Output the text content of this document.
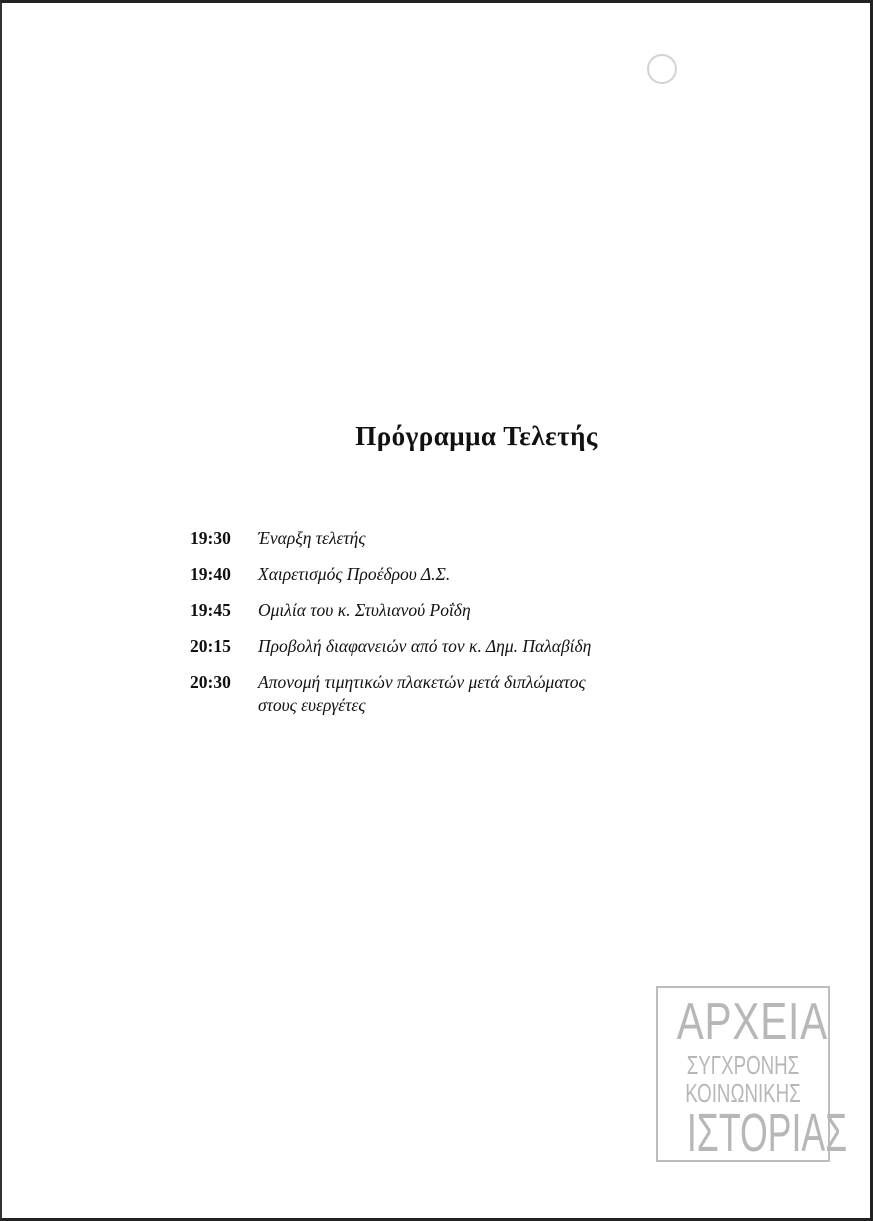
Πρόγραμμα Τελετής
19:30	Έναρξη τελετής
19:40	Χαιρετισμός Προέδρου Δ.Σ.
19:45	Ομιλία του κ. Στυλιανού Ροΐδη
20:15	Προβολή διαφανειών από τον κ. Δημ. Παλαβίδη
20:30	Απονομή τιμητικών πλακετών μετά διπλώματος
στους ευεργέτες
ΑΡΧΕΙΑ
ΣΥΓΧΡΟΝΗΣ
ΚΟΙΝΩΝΙΚΗΣ
ΙΣΤΟΡΙΑΣ
